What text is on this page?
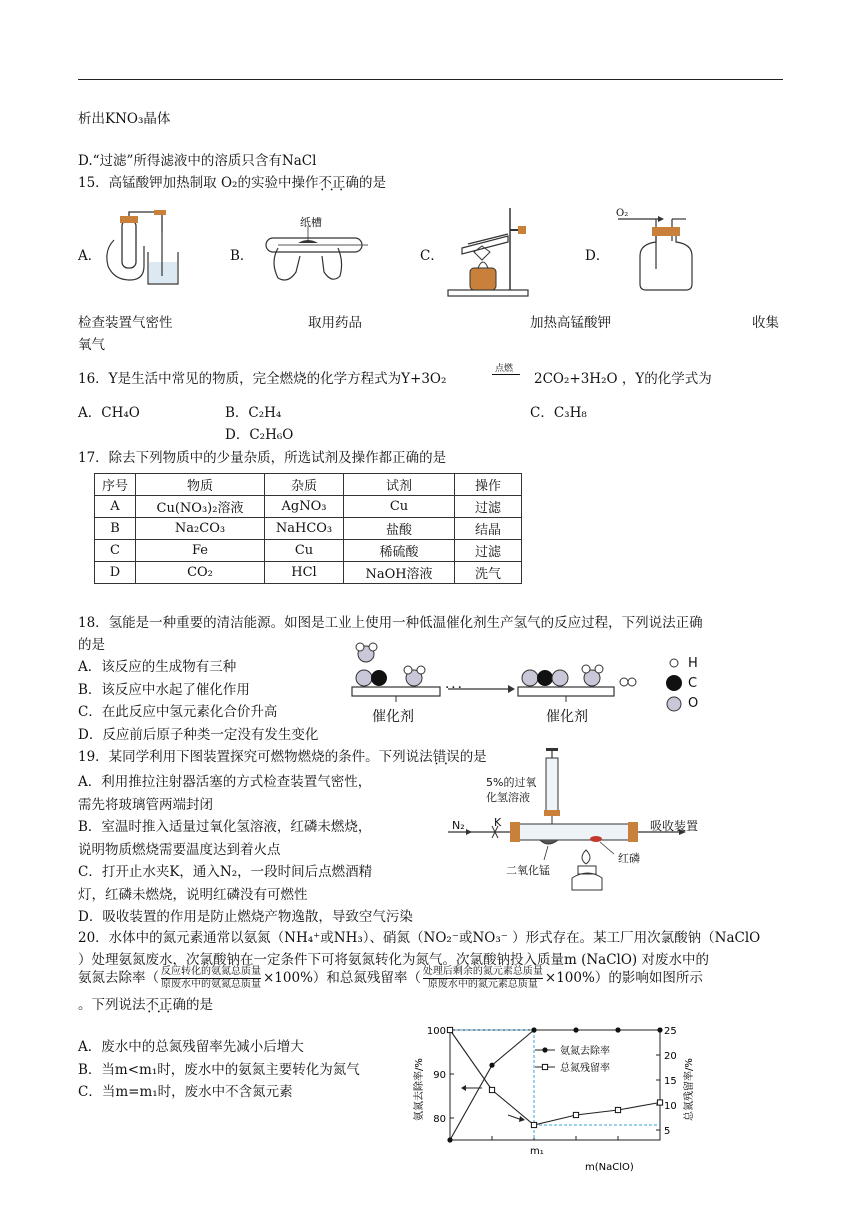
析出KNO₃晶体
D.“过滤”所得滤液中的溶质只含有NaCl
15．高锰酸钾加热制取 O₂的实验中操作不正确 • • •的是
A．	B．	C．	D．
纸槽
O₂
检查装置气密性	取用药品	加热高锰酸钾	收集
氧气
16．Y是生活中常见的物质，完全燃烧的化学方程式为Y+3O₂
点燃
2CO₂+3H₂O ，Y的化学式为
A．CH₄O	B．C₂H₄	C．C₃H₈
D．C₂H₆O
17．除去下列物质中的少量杂质，所选试剂及操作都正确的是
序号	物质	杂质	试剂	操作
A	Cu(NO₃)₂溶液	AgNO₃	Cu	过滤
B	Na₂CO₃	NaHCO₃	盐酸	结晶
C	Fe	Cu	稀硫酸	过滤
D	CO₂	HCl	NaOH溶液	洗气
18．氢能是一种重要的清洁能源。如图是工业上使用一种低温催化剂生产氢气的反应过程，下列说法正确
的是
A．该反应的生成物有三种
B．该反应中水起了催化作用
C．在此反应中氢元素化合价升高
D．反应前后原子种类一定没有发生变化
···
催化剂	催化剂
H
C
O
19．某同学利用下图装置探究可燃物燃烧的条件。下列说法错误 • •的是
A．利用推拉注射器活塞的方式检查装置气密性，
需先将玻璃管两端封闭
B．室温时推入适量过氧化氢溶液，红磷未燃烧，
说明物质燃烧需要温度达到着火点
C．打开止水夹K，通入N₂，一段时间后点燃酒精
灯，红磷未燃烧，说明红磷没有可燃性
D．吸收装置的作用是防止燃烧产物逸散，导致空气污染
5%的过氧
化氢溶液
N₂	K	吸收装置
二氧化锰
红磷
20．水体中的氮元素通常以氨氮（NH₄⁺或NH₃）、硝氮（NO₂⁻或NO₃⁻ ）形式存在。某工厂用次氯酸钠（NaClO
）处理氨氮废水，次氯酸钠在一定条件下可将氨氮转化为氮气。次氯酸钠投入质量m (NaClO) 对废水中的
氨氮去除率（ $\frac{\text{反应转化的氨氮总质量}}{\text{原废水中的氨氮总质量}} \times 100\%$）和总氮残留率（ $\frac{\text{处理后剩余的氮元素总质量}}{\text{原废水中的氮元素总质量}} \times 100\%$）的影响如图所示
。下列说法不正确 • • •的是
A．废水中的总氮残留率先减小后增大
B．当m<m₁时，废水中的氨氮主要转化为氮气
C．当m=m₁时，废水中不含氮元素
80
90
100
5
10
15
20
25
氨氮去除率
总氮残留率
m₁
m(NaClO)
氨氮去除率/%	总氮残留率/%
